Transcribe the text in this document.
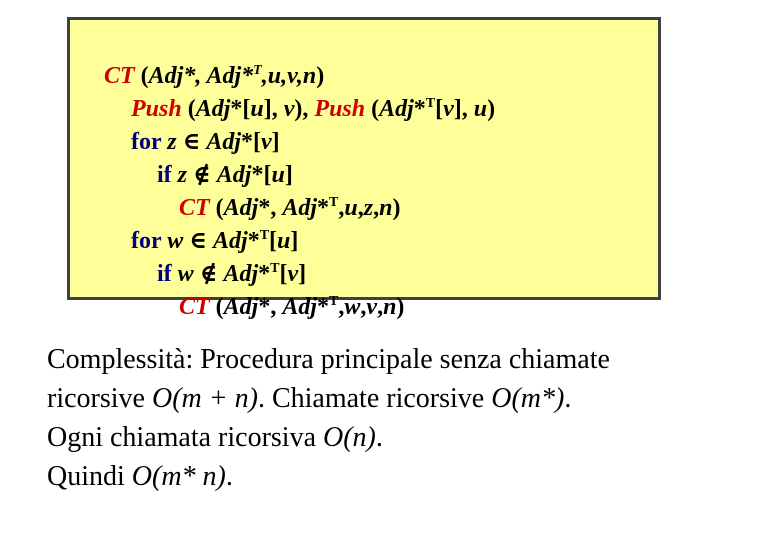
CT (Adj*, Adj*$^T$,u,v,n)

Push (Adj*[u], v), Push (Adj*$^T$[v], u)

for z ∈ Adj*[v]

if z ∉ Adj*[u]

CT (Adj*, Adj*$^T$,u,z,n)

for w ∈ Adj*$^T$[u]

if w ∉ Adj*$^T$[v]

CT (Adj*, Adj*$^T$,w,v,n)

Complessità: Procedura principale senza chiamate
ricorsive O(m + n). Chiamate ricorsive O(m*).
Ogni chiamata ricorsiva O(n).
Quindi O(m* n).
